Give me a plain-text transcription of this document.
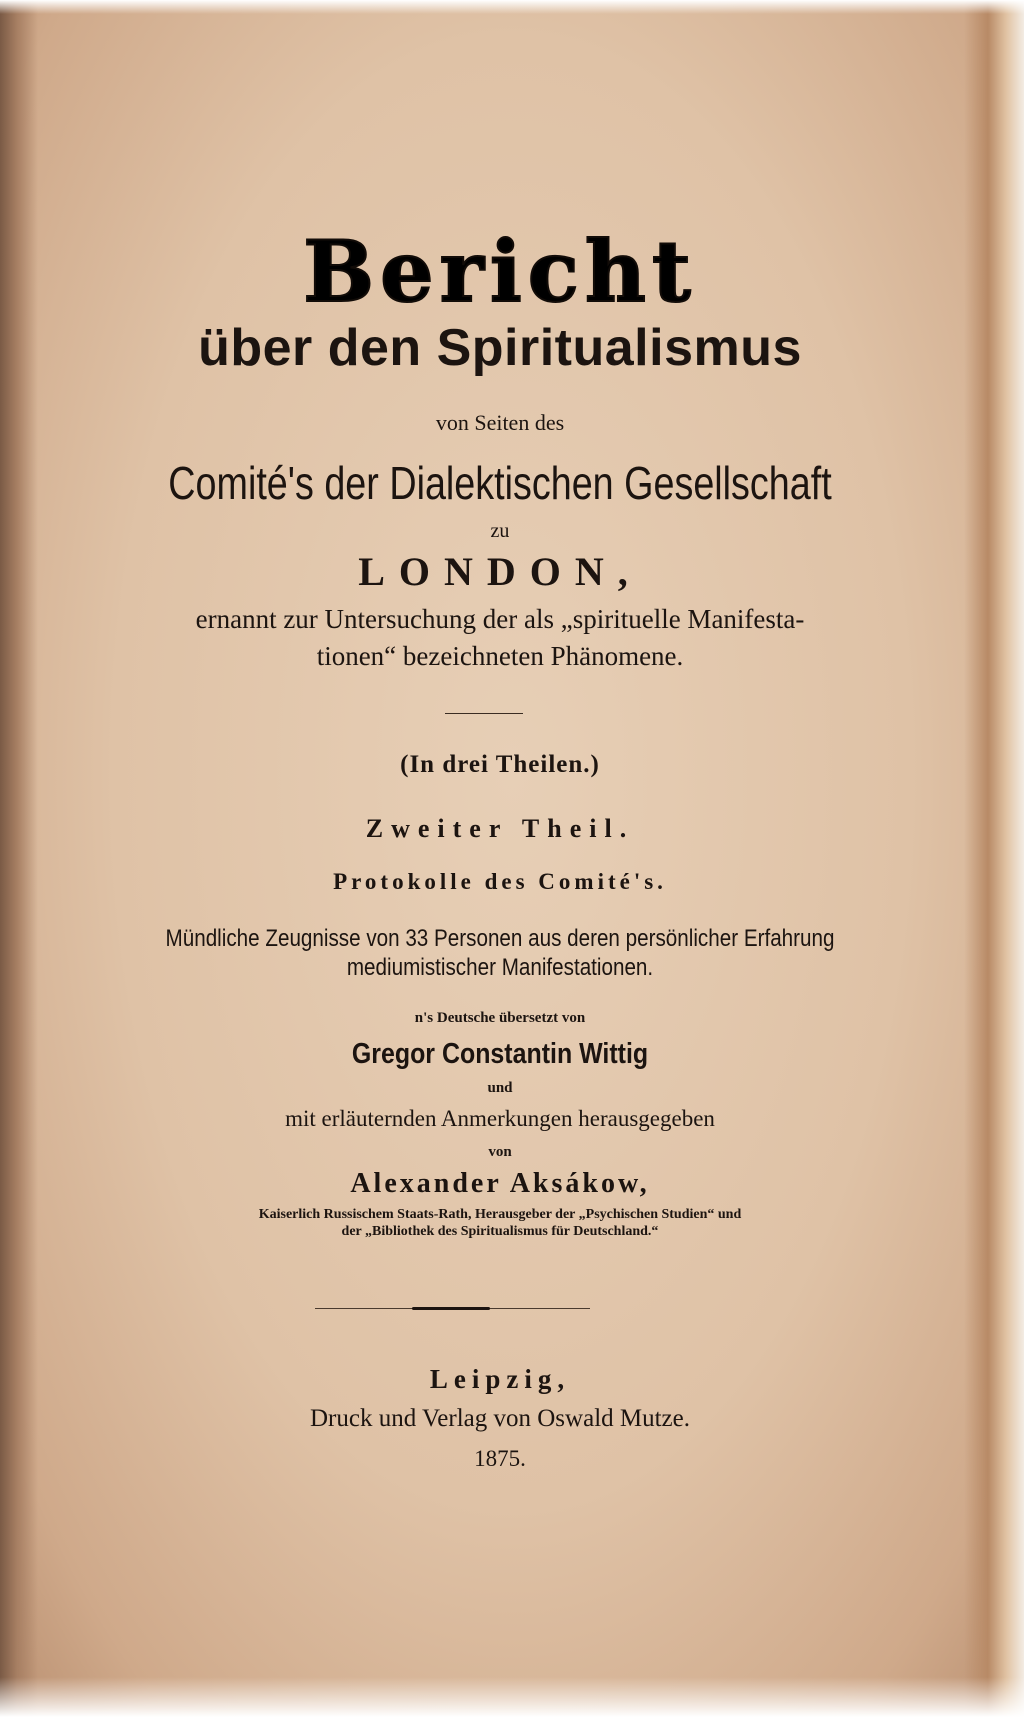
Bericht
über den Spiritualismus
von Seiten des
Comité's der Dialektischen Gesellschaft
zu
LONDON,
ernannt zur Untersuchung der als „spirituelle Manifesta-
tionen“ bezeichneten Phänomene.
(In drei Theilen.)
Zweiter Theil.
Protokolle des Comité's.
Mündliche Zeugnisse von 33 Personen aus deren persönlicher Erfahrung
mediumistischer Manifestationen.
n's Deutsche übersetzt von
Gregor Constantin Wittig
und
mit erläuternden Anmerkungen herausgegeben
von
Alexander Aksákow,
Kaiserlich Russischem Staats-Rath, Herausgeber der „Psychischen Studien“ und
der „Bibliothek des Spiritualismus für Deutschland.“
Leipzig,
Druck und Verlag von Oswald Mutze.
1875.
